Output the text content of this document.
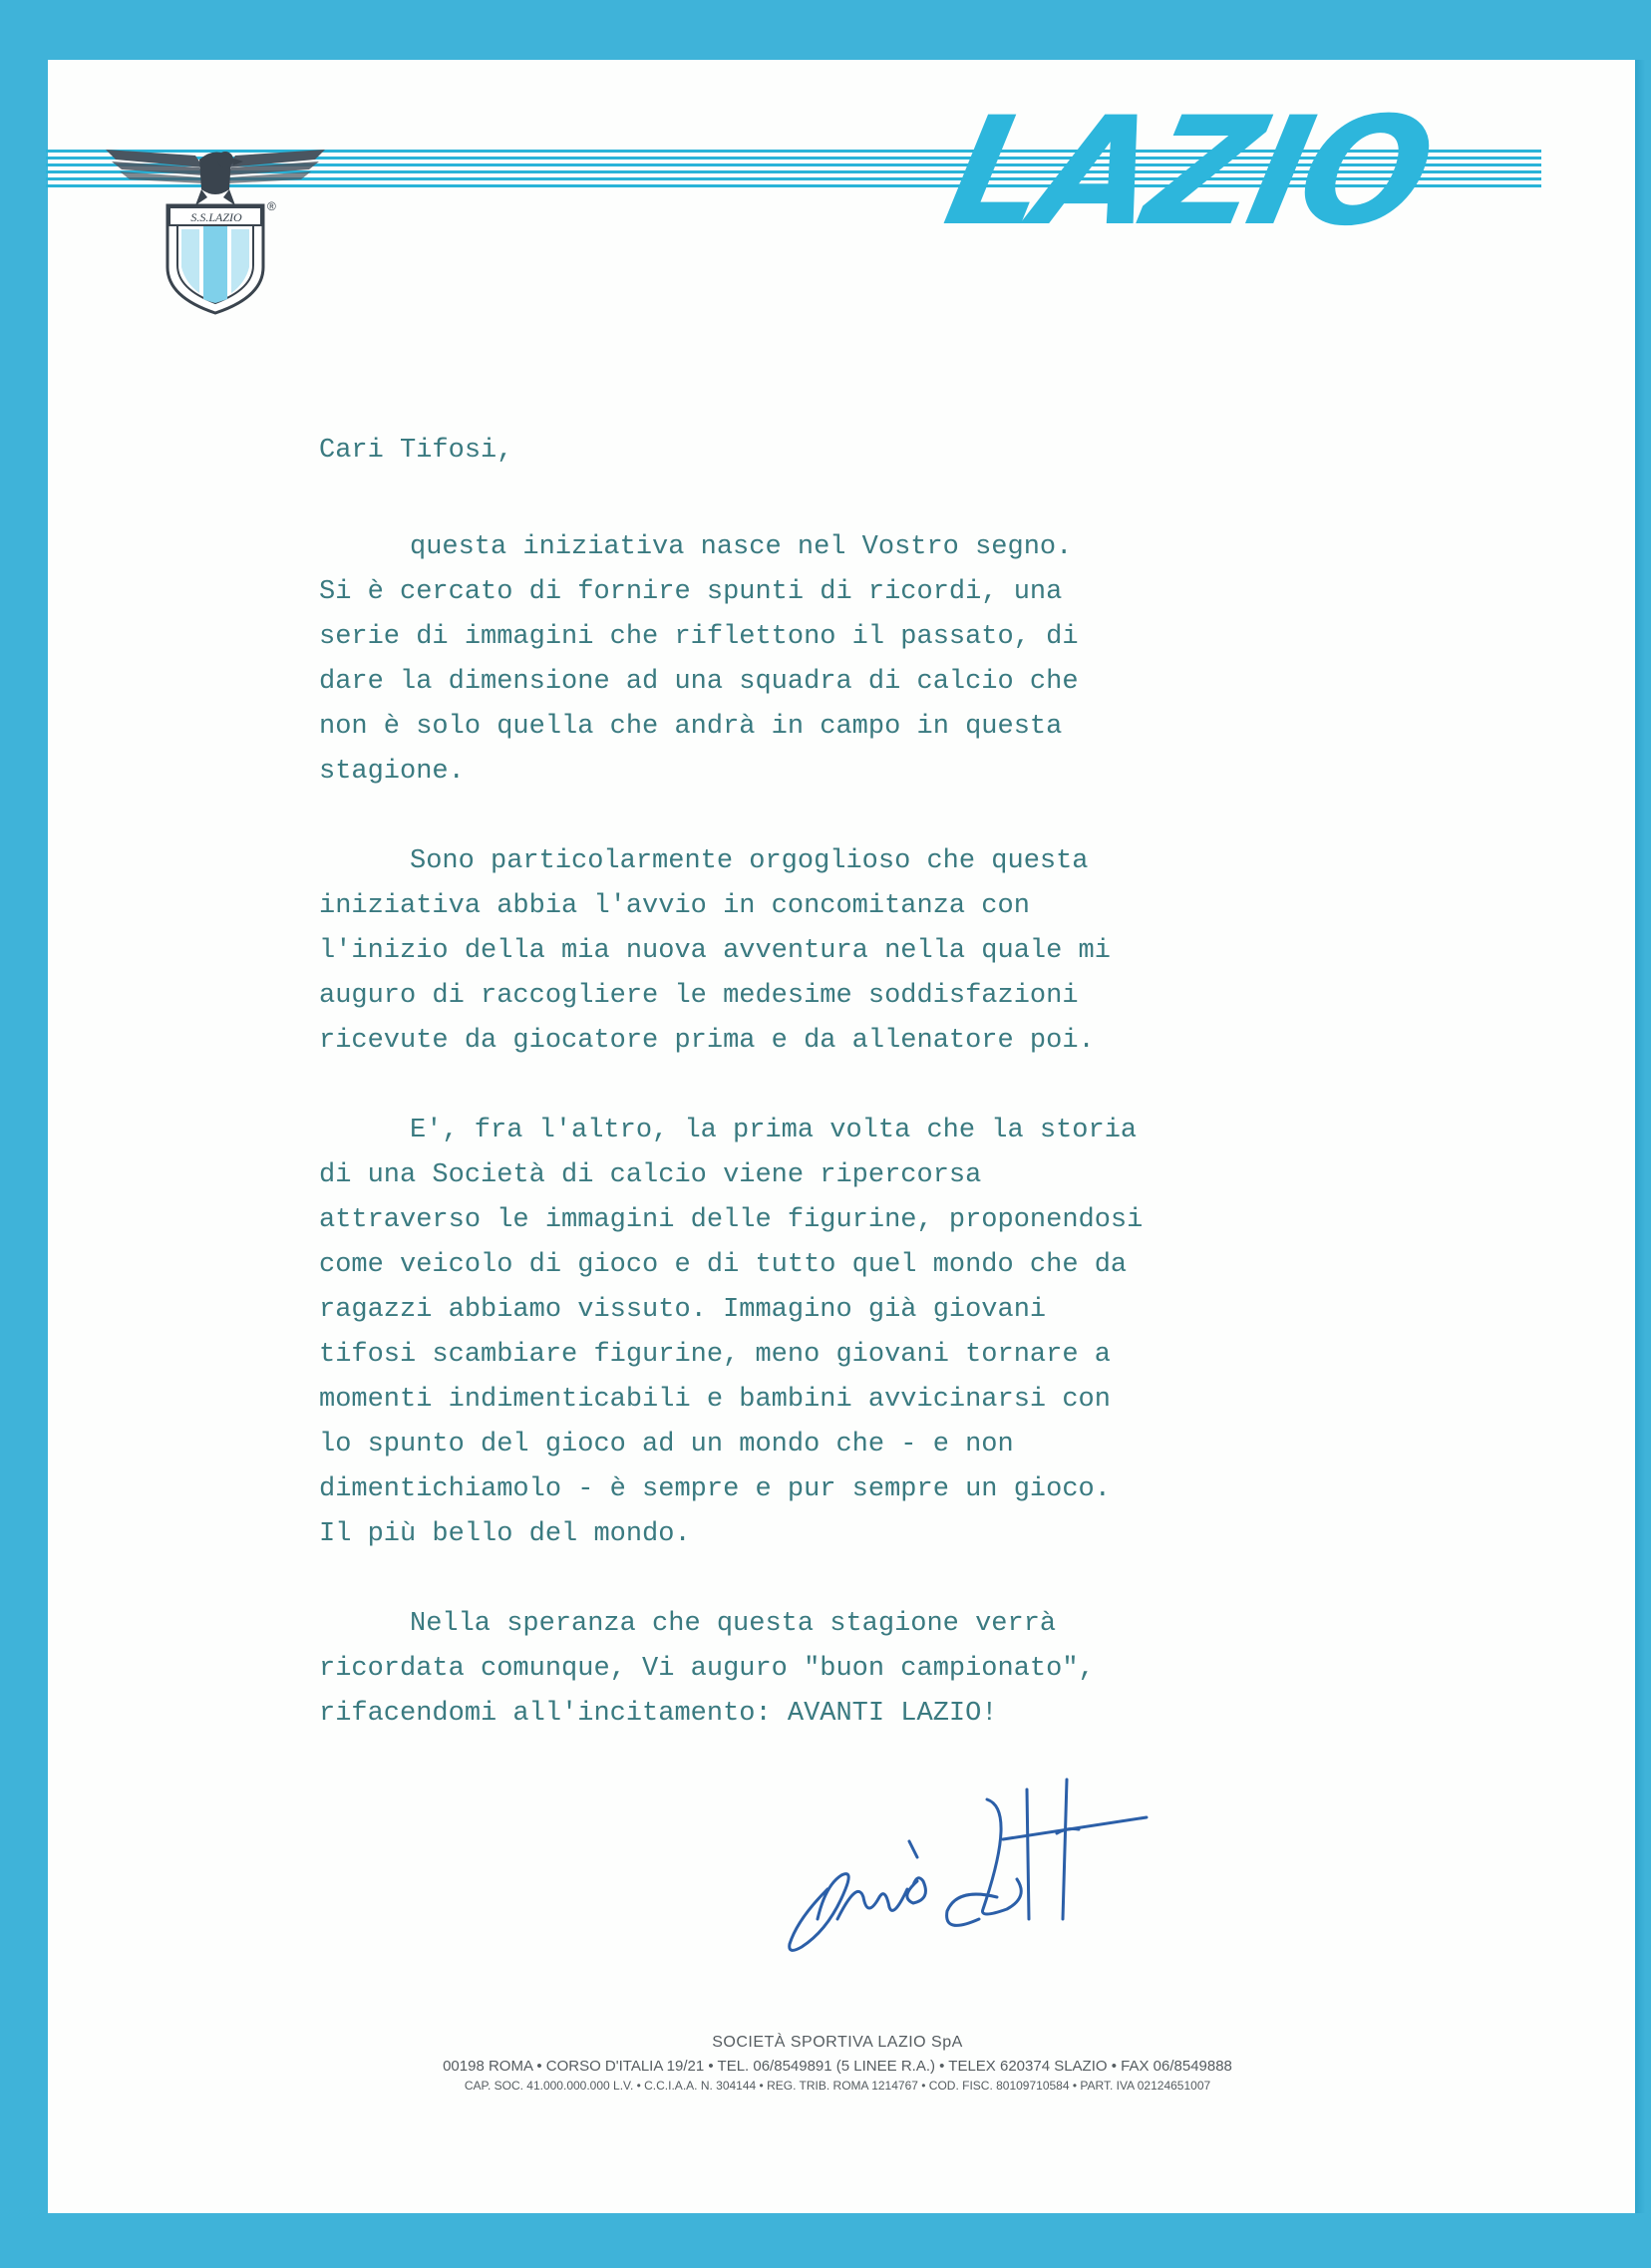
S.S.LAZIO
®	LAZIO
Cari Tifosi,
questa iniziativa nasce nel Vostro segno.
Si è cercato di fornire spunti di ricordi, una
serie di immagini che riflettono il passato, di
dare la dimensione ad una squadra di calcio che
non è solo quella che andrà in campo in questa
stagione.
Sono particolarmente orgoglioso che questa
iniziativa abbia l'avvio in concomitanza con
l'inizio della mia nuova avventura nella quale mi
auguro di raccogliere le medesime soddisfazioni
ricevute da giocatore prima e da allenatore poi.
E', fra l'altro, la prima volta che la storia
di una Società di calcio viene ripercorsa
attraverso le immagini delle figurine, proponendosi
come veicolo di gioco e di tutto quel mondo che da
ragazzi abbiamo vissuto. Immagino già giovani
tifosi scambiare figurine, meno giovani tornare a
momenti indimenticabili e bambini avvicinarsi con
lo spunto del gioco ad un mondo che - e non
dimentichiamolo - è sempre e pur sempre un gioco.
Il più bello del mondo.
Nella speranza che questa stagione verrà
ricordata comunque, Vi auguro "buon campionato",
rifacendomi all'incitamento: AVANTI LAZIO!
SOCIETÀ SPORTIVA LAZIO SpA
00198 ROMA • CORSO D'ITALIA 19/21 • TEL. 06/8549891 (5 LINEE R.A.) • TELEX 620374 SLAZIO • FAX 06/8549888
CAP. SOC. 41.000.000.000 L.V. • C.C.I.A.A. N. 304144 • REG. TRIB. ROMA 1214767 • COD. FISC. 80109710584 • PART. IVA 02124651007
